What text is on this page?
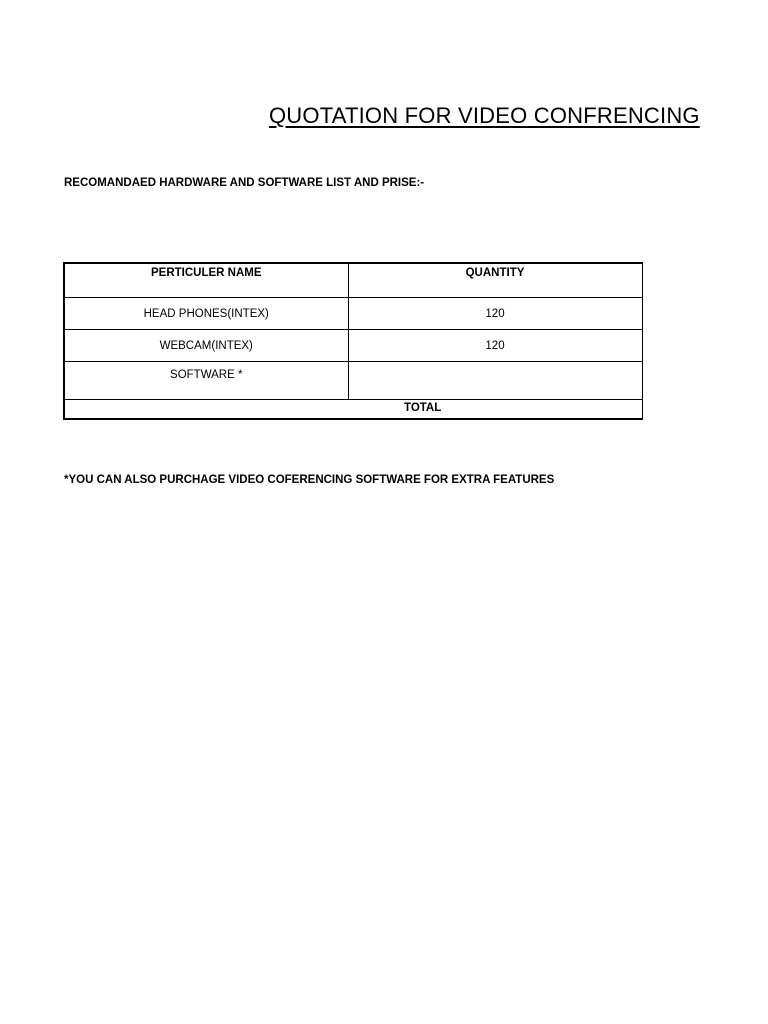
QUOTATION FOR VIDEO CONFRENCING
RECOMANDAED HARDWARE AND SOFTWARE LIST AND PRISE:-
PERTICULER NAME	QUANTITY
HEAD PHONES(INTEX)	120
WEBCAM(INTEX)	120
SOFTWARE *	
TOTAL	
*YOU CAN ALSO PURCHAGE VIDEO COFERENCING SOFTWARE FOR EXTRA FEATURES
